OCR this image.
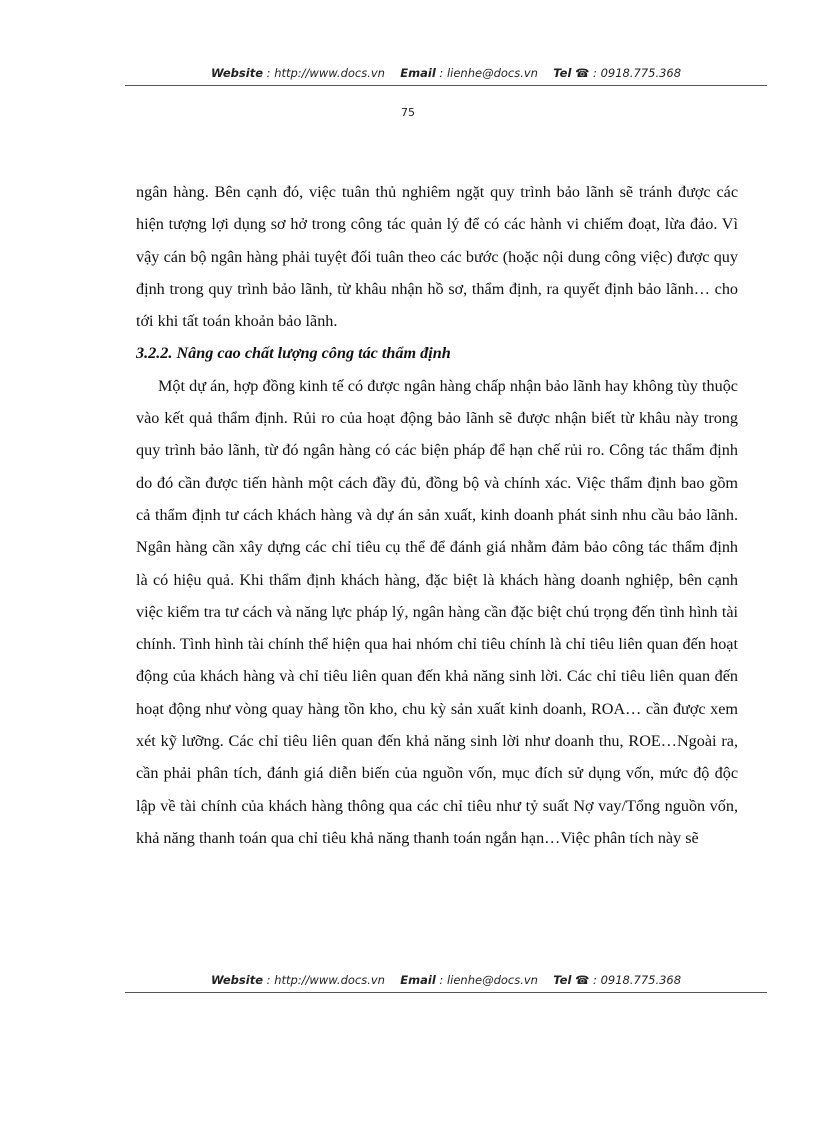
Website : http://www.docs.vn Email : lienhe@docs.vn Tel ☎ : 0918.775.368
75

ngân hàng. Bên cạnh đó, việc tuân thủ nghiêm ngặt quy trình bảo lãnh sẽ tránh được các hiện tượng lợi dụng sơ hở trong công tác quản lý để có các hành vi chiếm đoạt, lừa đảo. Vì vậy cán bộ ngân hàng phải tuyệt đối tuân theo các bước (hoặc nội dung công việc) được quy định trong quy trình bảo lãnh, từ khâu nhận hồ sơ, thẩm định, ra quyết định bảo lãnh… cho tới khi tất toán khoản bảo lãnh.

3.2.2. Nâng cao chất lượng công tác thẩm định

Một dự án, hợp đồng kinh tế có được ngân hàng chấp nhận bảo lãnh hay không tùy thuộc vào kết quả thẩm định. Rủi ro của hoạt động bảo lãnh sẽ được nhận biết từ khâu này trong quy trình bảo lãnh, từ đó ngân hàng có các biện pháp để hạn chế rủi ro. Công tác thẩm định do đó cần được tiến hành một cách đầy đủ, đồng bộ và chính xác. Việc thẩm định bao gồm cả thẩm định tư cách khách hàng và dự án sản xuất, kinh doanh phát sinh nhu cầu bảo lãnh. Ngân hàng cần xây dựng các chỉ tiêu cụ thể để đánh giá nhằm đảm bảo công tác thẩm định là có hiệu quả. Khi thẩm định khách hàng, đặc biệt là khách hàng doanh nghiệp, bên cạnh việc kiểm tra tư cách và năng lực pháp lý, ngân hàng cần đặc biệt chú trọng đến tình hình tài chính. Tình hình tài chính thể hiện qua hai nhóm chỉ tiêu chính là chỉ tiêu liên quan đến hoạt động của khách hàng và chỉ tiêu liên quan đến khả năng sinh lời. Các chỉ tiêu liên quan đến hoạt động như vòng quay hàng tồn kho, chu kỳ sản xuất kinh doanh, ROA… cần được xem xét kỹ lưỡng. Các chỉ tiêu liên quan đến khả năng sinh lời như doanh thu, ROE…Ngoài ra, cần phải phân tích, đánh giá diễn biến của nguồn vốn, mục đích sử dụng vốn, mức độ độc lập về tài chính của khách hàng thông qua các chỉ tiêu như tỷ suất Nợ vay/Tổng nguồn vốn, khả năng thanh toán qua chỉ tiêu khả năng thanh toán ngắn hạn…Việc phân tích này sẽ

Website : http://www.docs.vn Email : lienhe@docs.vn Tel ☎ : 0918.775.368
